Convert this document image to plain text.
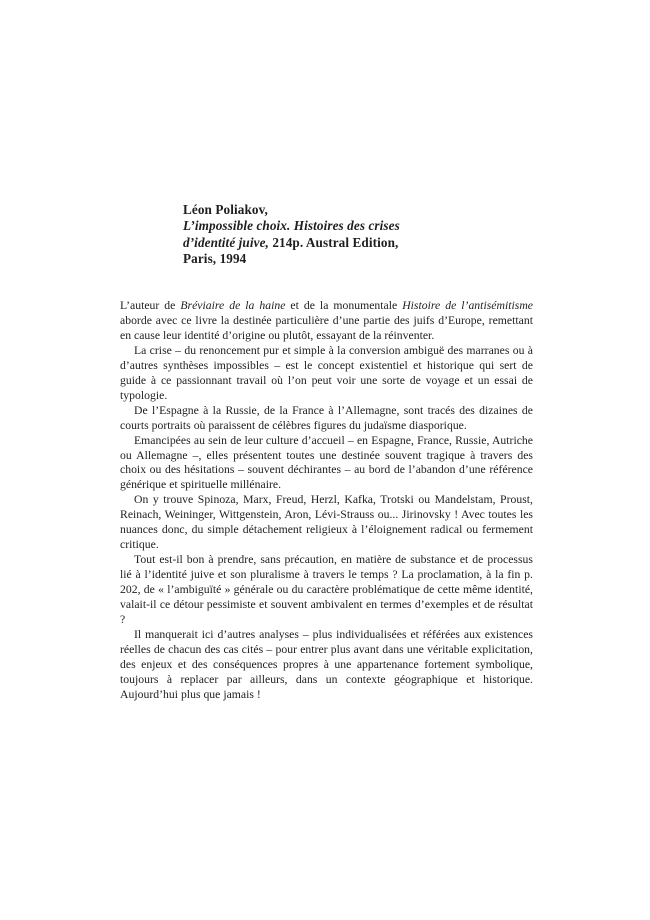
Léon Poliakov,
L’impossible choix. Histoires des crises
d’identité juive, 214p. Austral Edition,
Paris, 1994

L’auteur de Bréviaire de la haine et de la monumentale Histoire de l’antisémitisme aborde avec ce livre la destinée particulière d’une partie des juifs d’Europe, remettant en cause leur identité d’origine ou plutôt, essayant de la réinventer.

La crise – du renoncement pur et simple à la conversion ambiguë des marranes ou à d’autres synthèses impossibles – est le concept existentiel et historique qui sert de guide à ce passionnant travail où l’on peut voir une sorte de voyage et un essai de typologie.

De l’Espagne à la Russie, de la France à l’Allemagne, sont tracés des dizaines de courts portraits où paraissent de célèbres figures du judaïsme diasporique.

Emancipées au sein de leur culture d’accueil – en Espagne, France, Russie, Autriche ou Allemagne –, elles présentent toutes une destinée souvent tragique à travers des choix ou des hésitations – souvent déchirantes – au bord de l’abandon d’une référence générique et spirituelle millénaire.

On y trouve Spinoza, Marx, Freud, Herzl, Kafka, Trotski ou Mandelstam, Proust, Reinach, Weininger, Wittgenstein, Aron, Lévi-Strauss ou... Jirinovsky ! Avec toutes les nuances donc, du simple détachement religieux à l’éloignement radical ou fermement critique.

Tout est-il bon à prendre, sans précaution, en matière de substance et de processus lié à l’identité juive et son pluralisme à travers le temps ? La proclamation, à la fin p. 202, de « l’ambiguïté » générale ou du caractère problématique de cette même identité, valait-il ce détour pessimiste et souvent ambivalent en termes d’exemples et de résultat ?

Il manquerait ici d’autres analyses – plus individualisées et référées aux existences réelles de chacun des cas cités – pour entrer plus avant dans une véritable explicitation, des enjeux et des conséquences propres à une appartenance fortement symbolique, toujours à replacer par ailleurs, dans un contexte géographique et historique. Aujourd’hui plus que jamais !
